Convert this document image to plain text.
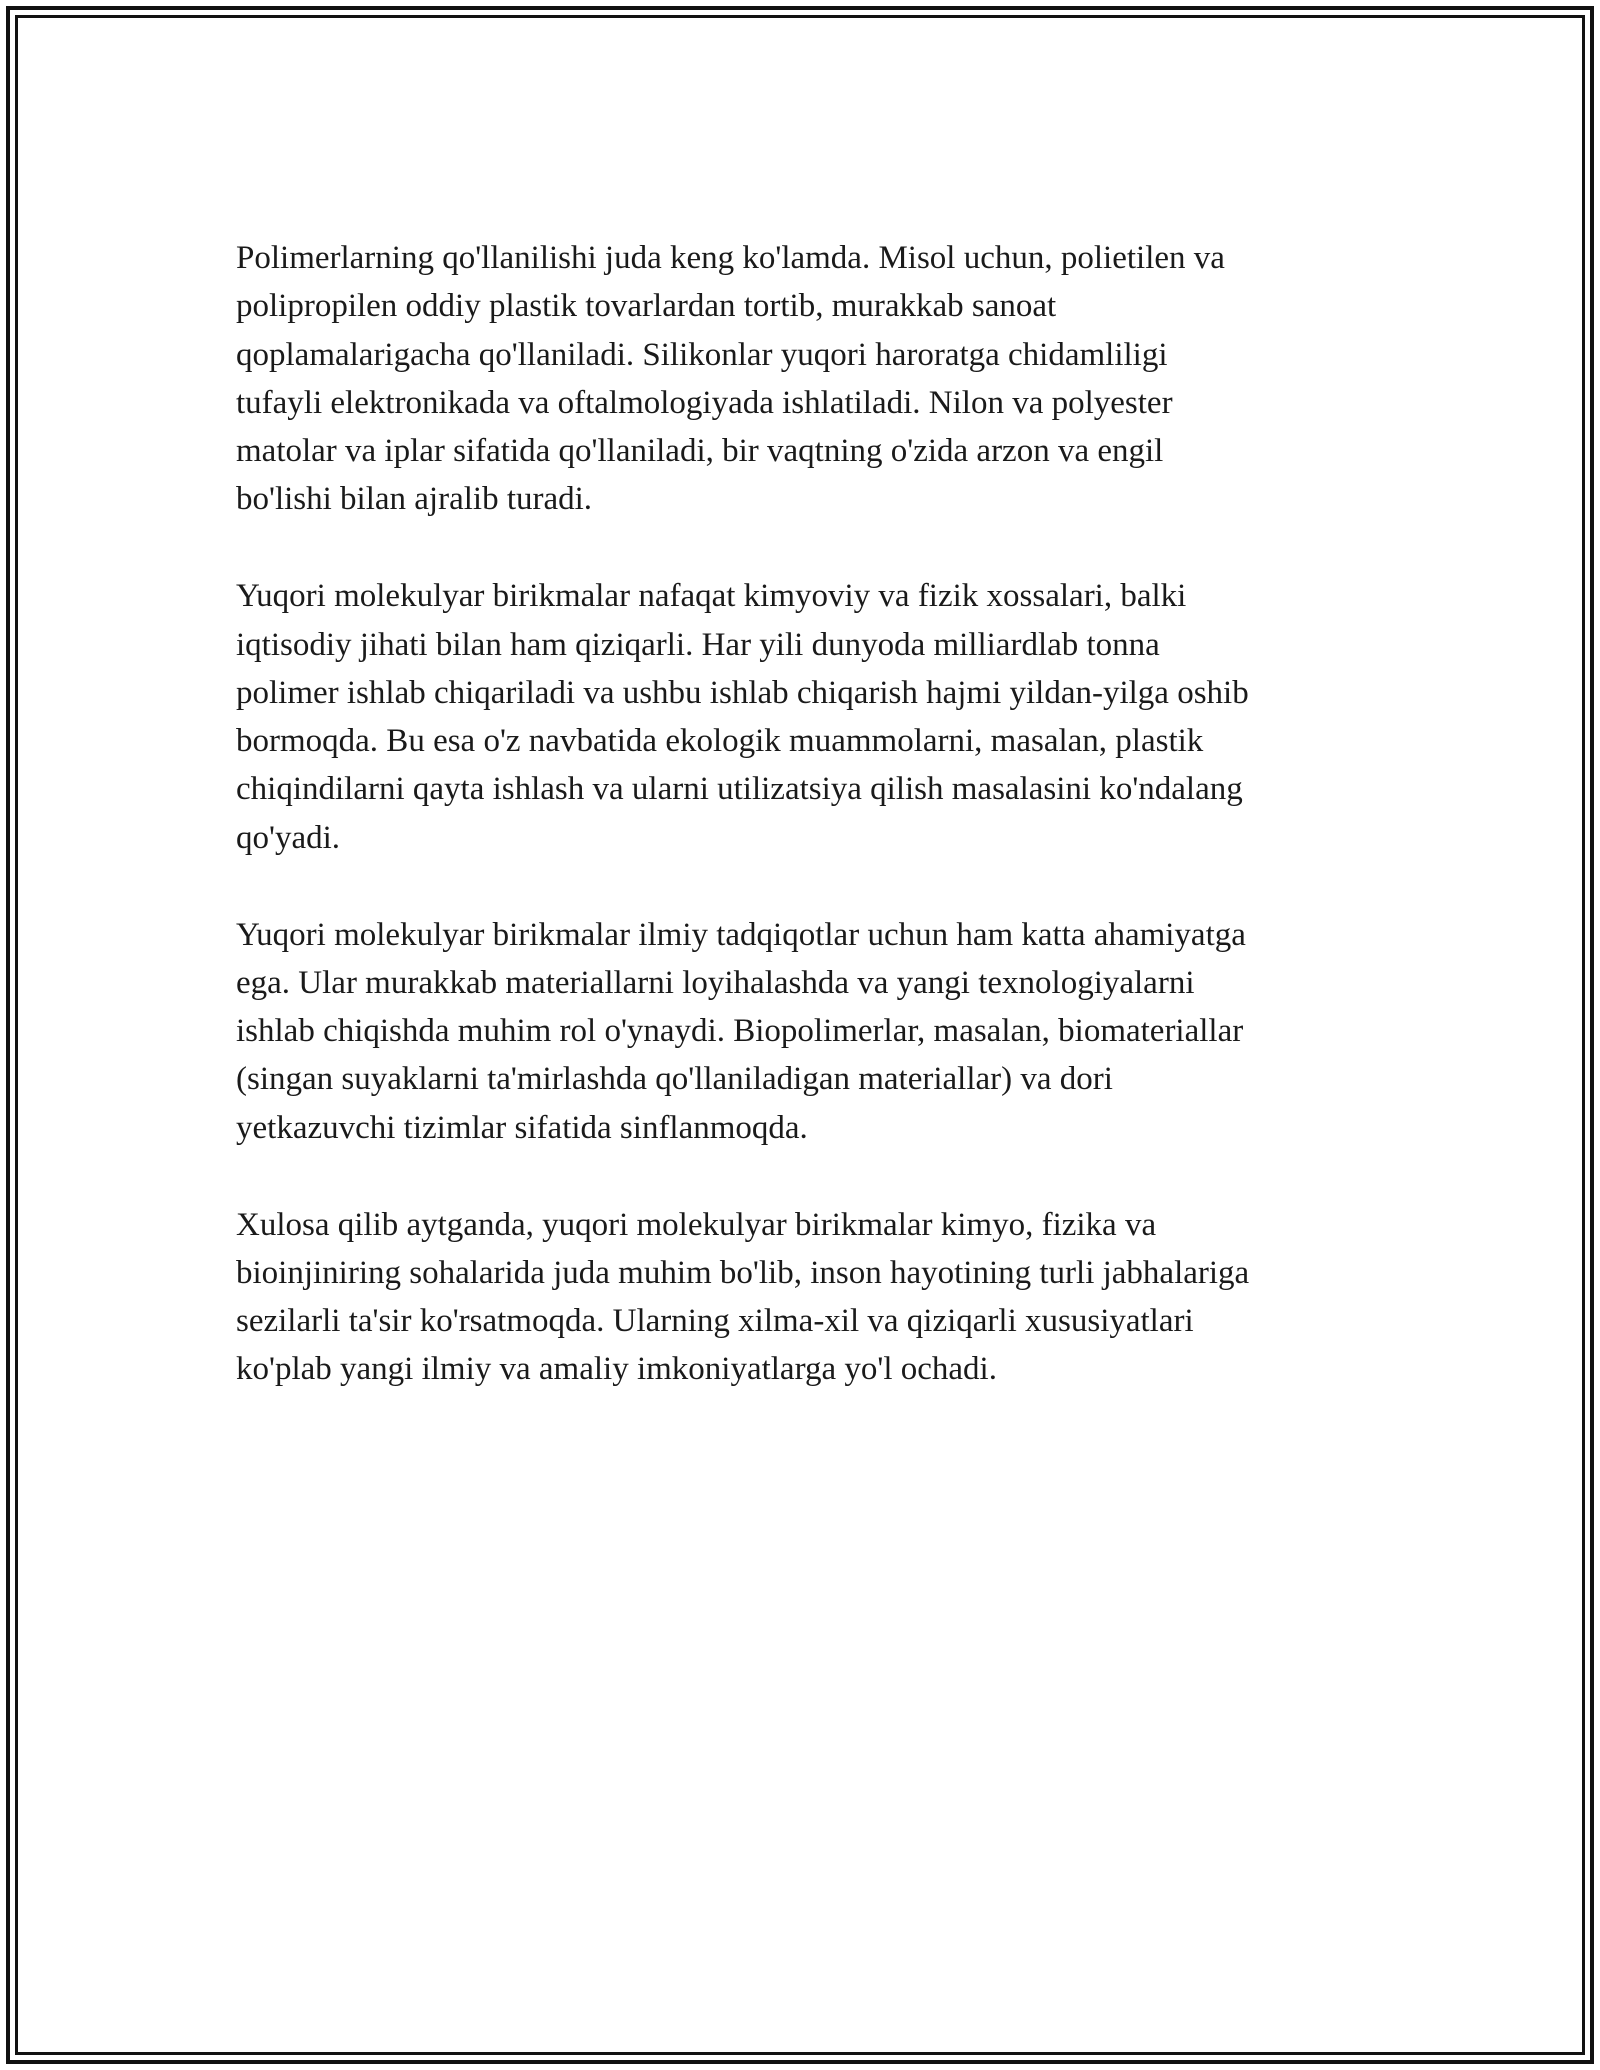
Polimerlarning qo'llanilishi juda keng ko'lamda. Misol uchun, polietilen va
polipropilen oddiy plastik tovarlardan tortib, murakkab sanoat
qoplamalarigacha qo'llaniladi. Silikonlar yuqori haroratga chidamliligi
tufayli elektronikada va oftalmologiyada ishlatiladi. Nilon va polyester
matolar va iplar sifatida qo'llaniladi, bir vaqtning o'zida arzon va engil
bo'lishi bilan ajralib turadi.

Yuqori molekulyar birikmalar nafaqat kimyoviy va fizik xossalari, balki
iqtisodiy jihati bilan ham qiziqarli. Har yili dunyoda milliardlab tonna
polimer ishlab chiqariladi va ushbu ishlab chiqarish hajmi yildan-yilga oshib
bormoqda. Bu esa o'z navbatida ekologik muammolarni, masalan, plastik
chiqindilarni qayta ishlash va ularni utilizatsiya qilish masalasini ko'ndalang
qo'yadi.

Yuqori molekulyar birikmalar ilmiy tadqiqotlar uchun ham katta ahamiyatga
ega. Ular murakkab materiallarni loyihalashda va yangi texnologiyalarni
ishlab chiqishda muhim rol o'ynaydi. Biopolimerlar, masalan, biomateriallar
(singan suyaklarni ta'mirlashda qo'llaniladigan materiallar) va dori
yetkazuvchi tizimlar sifatida sinflanmoqda.

Xulosa qilib aytganda, yuqori molekulyar birikmalar kimyo, fizika va
bioinjiniring sohalarida juda muhim bo'lib, inson hayotining turli jabhalariga
sezilarli ta'sir ko'rsatmoqda. Ularning xilma-xil va qiziqarli xususiyatlari
ko'plab yangi ilmiy va amaliy imkoniyatlarga yo'l ochadi.
